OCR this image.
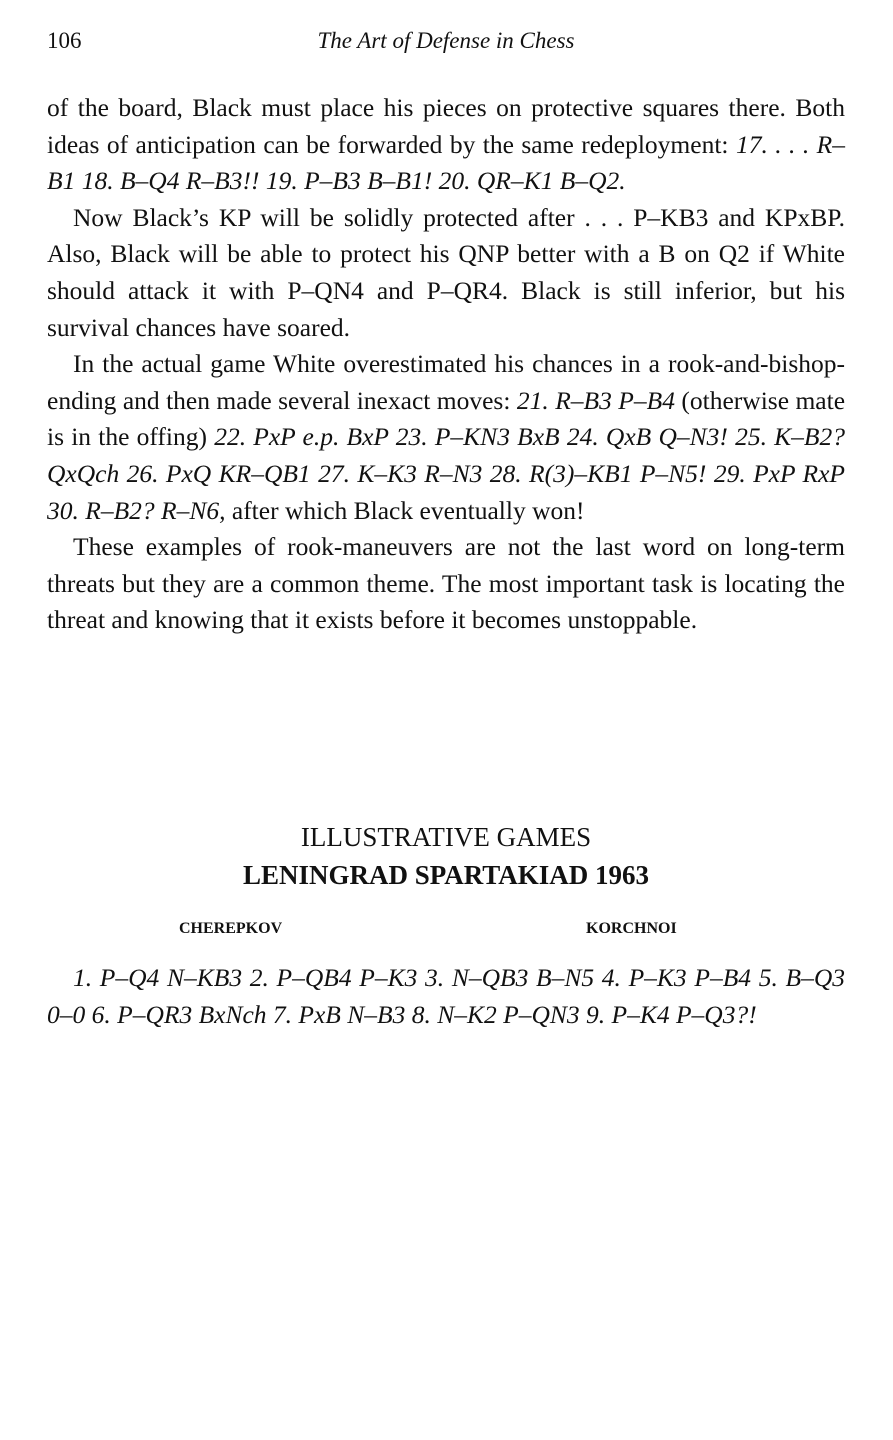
106	The Art of Defense in Chess

of the board, Black must place his pieces on protective squares there. Both ideas of anticipation can be forwarded by the same redeployment: 17. . . . R–B1 18. B–Q4 R–B3!! 19. P–B3 B–B1! 20. QR–K1 B–Q2.

Now Black’s KP will be solidly protected after . . . P–KB3 and KPxBP. Also, Black will be able to protect his QNP better with a B on Q2 if White should attack it with P–QN4 and P–QR4. Black is still inferior, but his survival chances have soared.

In the actual game White overestimated his chances in a rook-and-bishop-ending and then made several inexact moves: 21. R–B3 P–B4 (otherwise mate is in the offing) 22. PxP e.p. BxP 23. P–KN3 BxB 24. QxB Q–N3! 25. K–B2? QxQch 26. PxQ KR–QB1 27. K–K3 R–N3 28. R(3)–KB1 P–N5! 29. PxP RxP 30. R–B2? R–N6, after which Black eventually won!

These examples of rook-maneuvers are not the last word on long-term threats but they are a common theme. The most important task is locating the threat and knowing that it exists before it becomes unstoppable.

ILLUSTRATIVE GAMES
LENINGRAD SPARTAKIAD 1963
CHEREPKOV	KORCHNOI
1. P–Q4 N–KB3 2. P–QB4 P–K3 3. N–QB3 B–N5 4. P–K3 P–B4 5. B–Q3 0–0 6. P–QR3 BxNch 7. PxB N–B3 8. N–K2 P–QN3 9. P–K4 P–Q3?!
